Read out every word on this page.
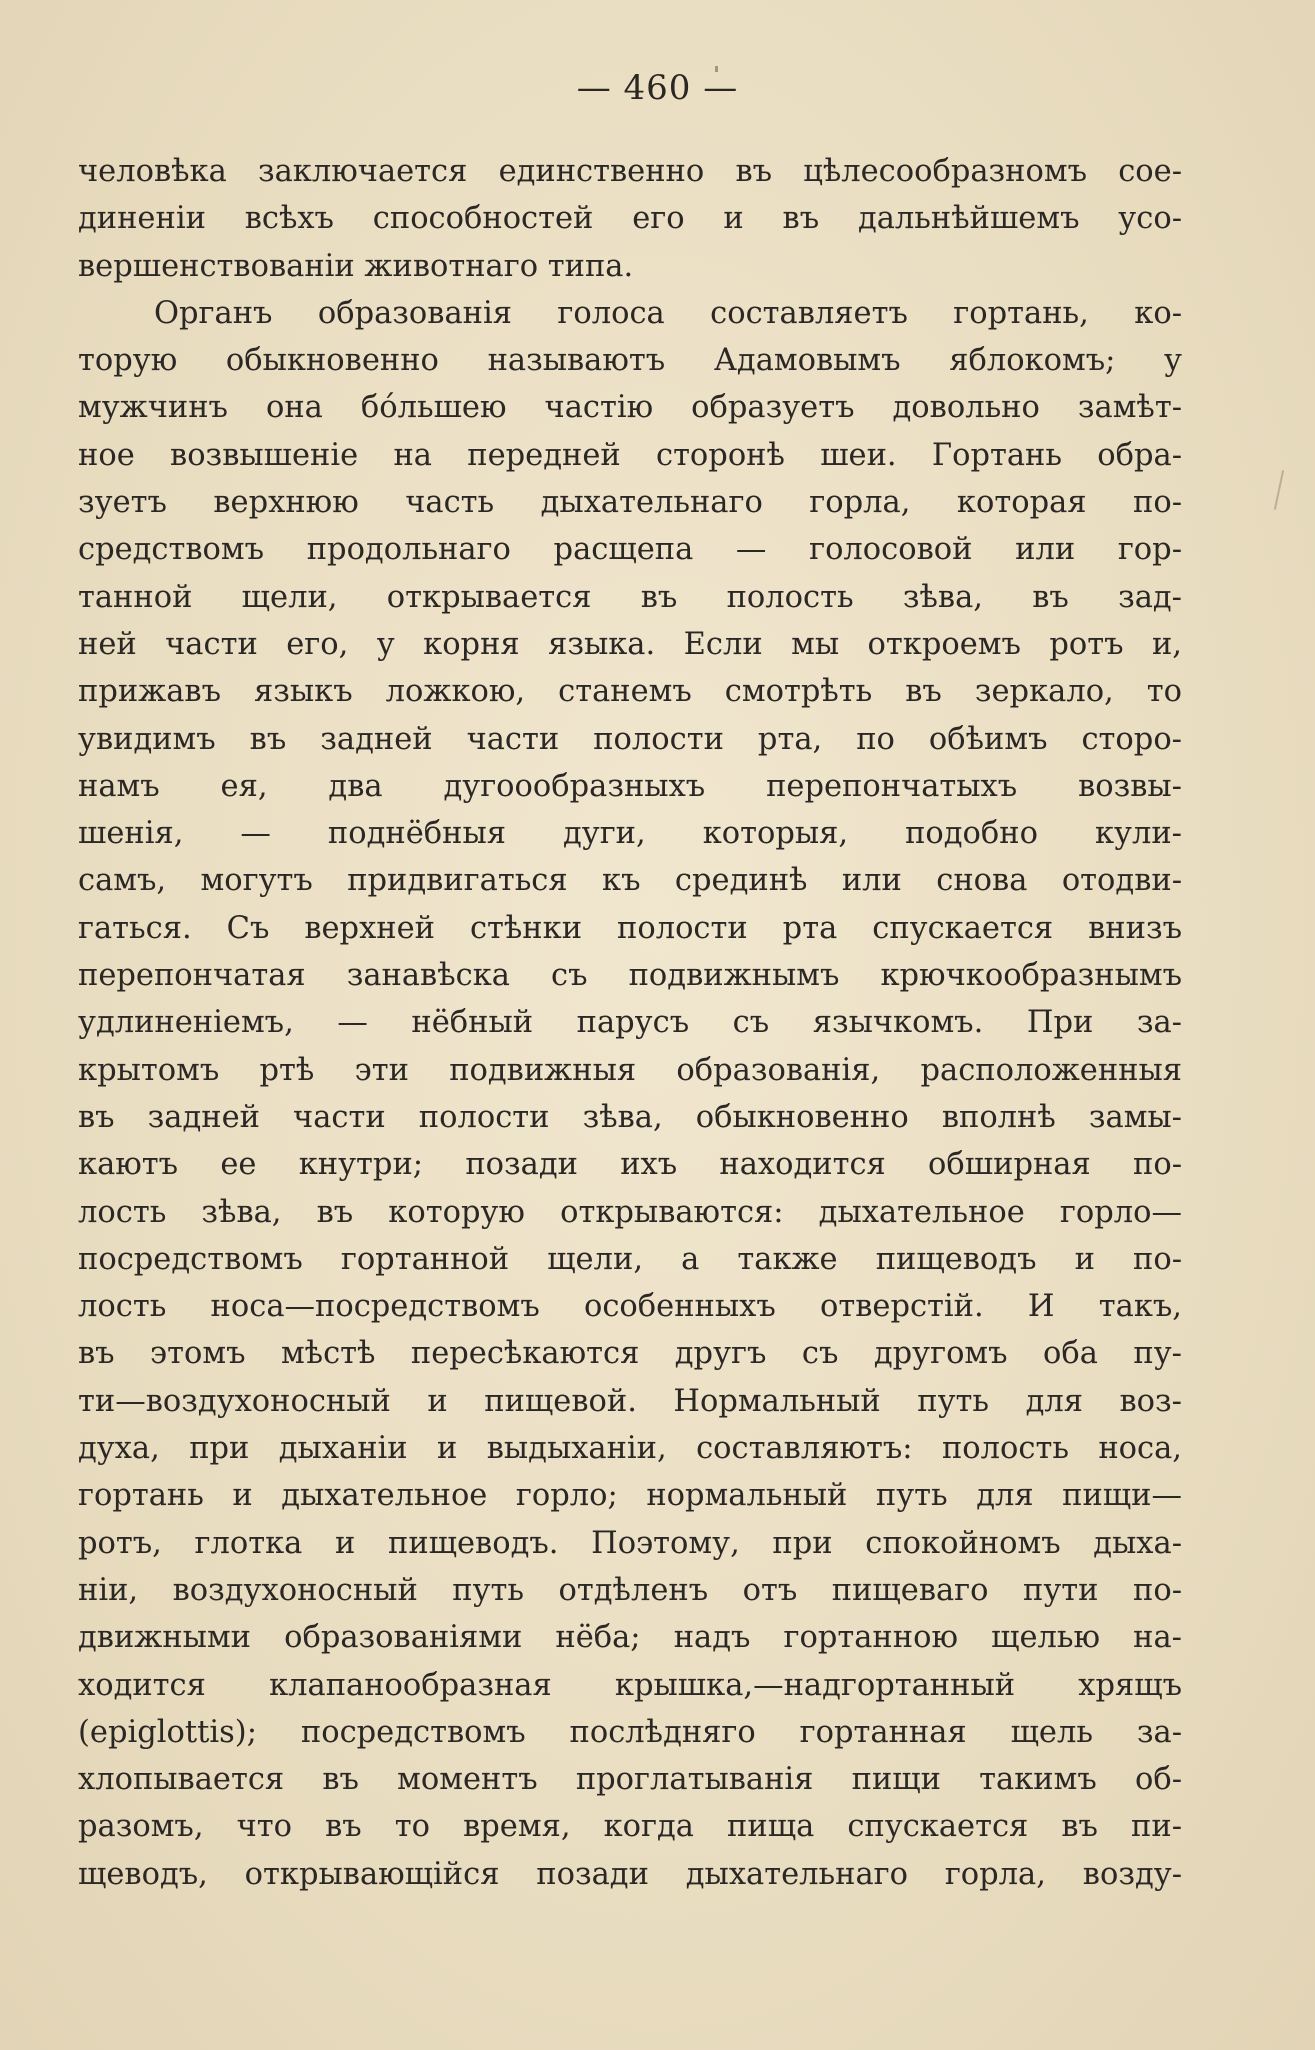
— 460 —
человѣка заключается единственно въ цѣлесообразномъ соe-
диненіи всѣхъ способностей его и въ дальнѣйшемъ усо-
вершенствованіи животнаго типа.
Органъ образованія голоса составляетъ гортань, ко-
торую обыкновенно называютъ Адамовымъ яблокомъ; у
мужчинъ она бо́льшею частію образуетъ довольно замѣт-
ное возвышеніе на передней сторонѣ шеи. Гортань обра-
зуетъ верхнюю часть дыхательнаго горла, которая по-
средствомъ продольнаго расщепа — голосовой или гор-
танной щели, открывается въ полость зѣва, въ зад-
ней части его, у корня языка. Если мы откроемъ ротъ и,
прижавъ языкъ ложкою, станемъ смотрѣть въ зеркало, то
увидимъ въ задней части полости рта, по обѣимъ сторо-
намъ ея, два дугоообразныхъ перепончатыхъ возвы-
шенія, — поднёбныя дуги, которыя, подобно кули-
самъ, могутъ придвигаться къ срединѣ или снова отодви-
гаться. Съ верхней стѣнки полости рта спускается внизъ
перепончатая занавѣска съ подвижнымъ крючкообразнымъ
удлиненіемъ, — нёбный парусъ съ язычкомъ. При за-
крытомъ ртѣ эти подвижныя образованія, расположенныя
въ задней части полости зѣва, обыкновенно вполнѣ замы-
каютъ ее кнутри; позади ихъ находится обширная по-
лость зѣва, въ которую открываются: дыхательное горло—
посредствомъ гортанной щели, а также пищеводъ и по-
лость носа—посредствомъ особенныхъ отверстій. И такъ,
въ этомъ мѣстѣ пересѣкаются другъ съ другомъ оба пу-
ти—воздухоносный и пищевой. Нормальный путь для воз-
духа, при дыханіи и выдыханіи, составляютъ: полость носа,
гортань и дыхательное горло; нормальный путь для пищи—
ротъ, глотка и пищеводъ. Поэтому, при спокойномъ дыха-
ніи, воздухоносный путь отдѣленъ отъ пищеваго пути по-
движными образованіями нёба; надъ гортанною щелью на-
ходится клапанообразная крышка,—надгортанный хрящъ
(epiglottis); посредствомъ послѣдняго гортанная щель за-
хлопывается въ моментъ проглатыванія пищи такимъ об-
разомъ, что въ то время, когда пища спускается въ пи-
щеводъ, открывающійся позади дыхательнаго горла, возду-
